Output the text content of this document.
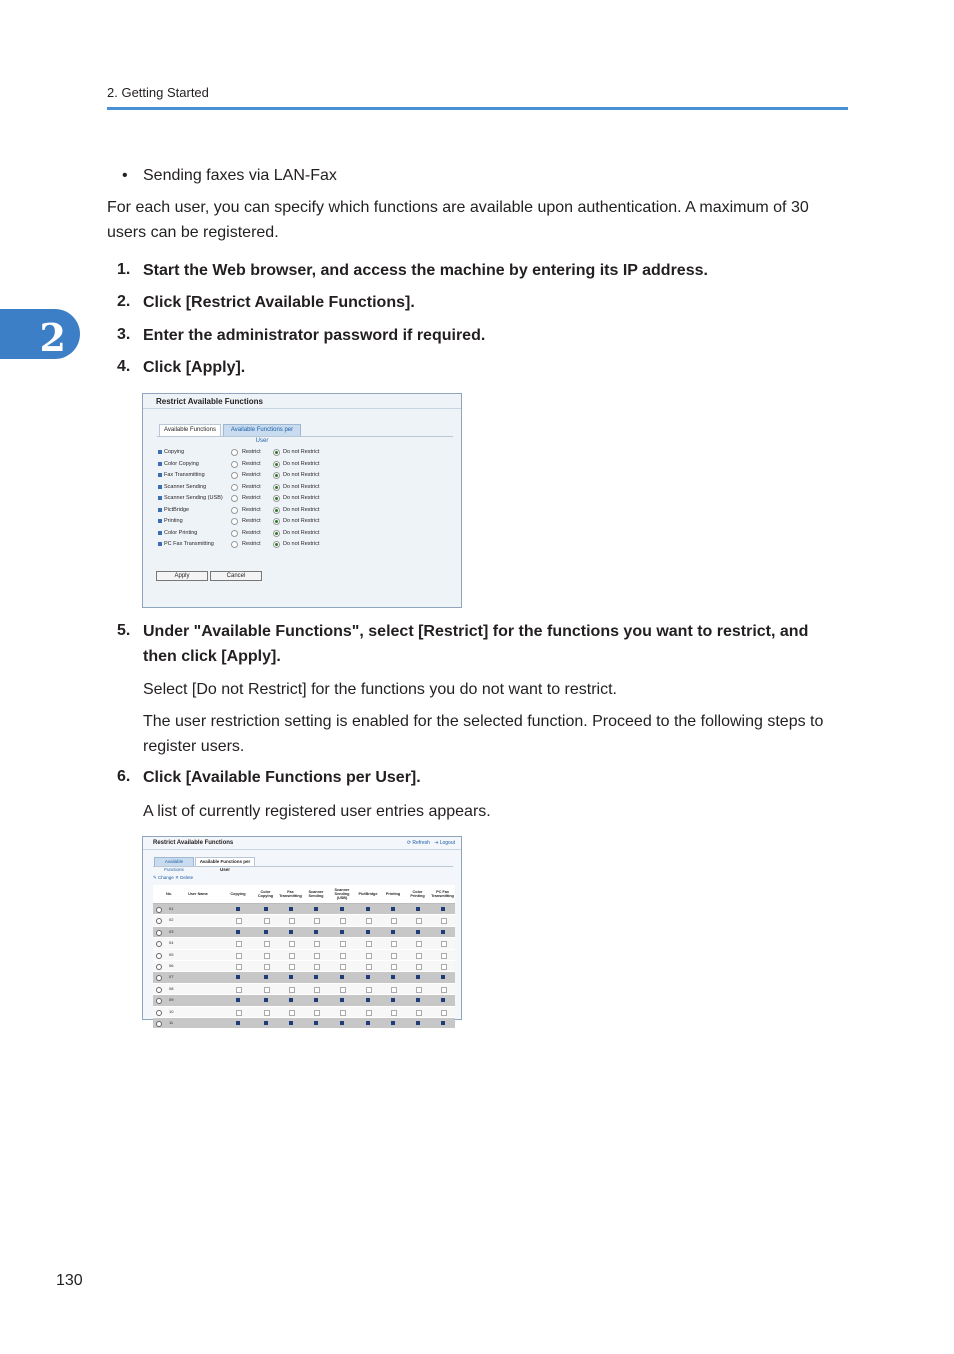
2. Getting Started
2
• Sending faxes via LAN-Fax
For each user, you can specify which functions are available upon authentication. A maximum of 30
users can be registered.
1. Start the Web browser, and access the machine by entering its IP address.
2. Click [Restrict Available Functions].
3. Enter the administrator password if required.
4. Click [Apply].
Restrict Available Functions
Available Functions	Available Functions per User
Copying	Restrict	Do not Restrict
Color Copying	Restrict	Do not Restrict
Fax Transmitting	Restrict	Do not Restrict
Scanner Sending	Restrict	Do not Restrict
Scanner Sending (USB)	Restrict	Do not Restrict
PictBridge	Restrict	Do not Restrict
Printing	Restrict	Do not Restrict
Color Printing	Restrict	Do not Restrict
PC Fax Transmitting	Restrict	Do not Restrict
Apply	Cancel
5. Under "Available Functions", select [Restrict] for the functions you want to restrict, and
then click [Apply].
Select [Do not Restrict] for the functions you do not want to restrict.
The user restriction setting is enabled for the selected function. Proceed to the following steps to
register users.
6. Click [Available Functions per User].
A list of currently registered user entries appears.
Restrict Available Functions	⟳ Refresh ⇥ Logout
Available Functions
Available Functions per User
✎ Change ✕ Delete
No.	User Name	Copying	Color Copying
Fax Transmitting
Scanner Sending
Scanner Sending (USB)
PictBridge	Printing	Color Printing
PC Fax Transmitting
01
02
03
04
05
06
07
08
09
10
11
130
